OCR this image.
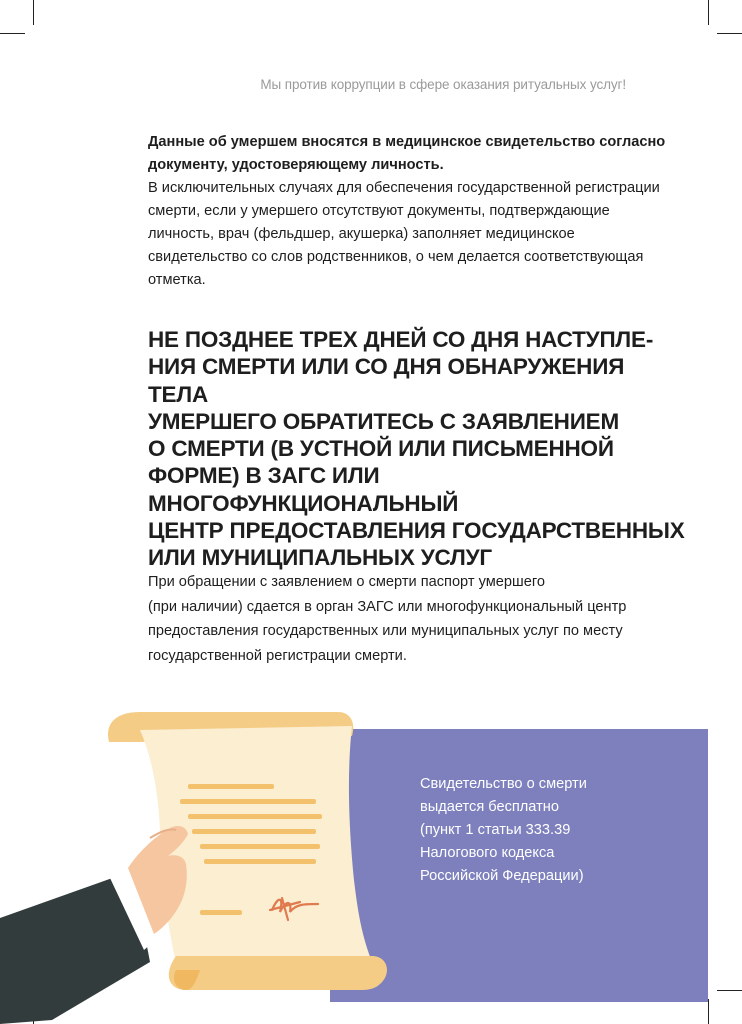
Мы против коррупции в сфере оказания ритуальных услуг!
Данные об умершем вносятся в медицинское свидетельство согласно документу, удостоверяющему личность.
В исключительных случаях для обеспечения государственной регистрации смерти, если у умершего отсутствуют документы, подтверждающие личность, врач (фельдшер, акушерка) заполняет медицинское свидетельство со слов родственников, о чем делается соответствующая отметка.
НЕ ПОЗДНЕЕ ТРЕХ ДНЕЙ СО ДНЯ НАСТУПЛЕ-
НИЯ СМЕРТИ ИЛИ СО ДНЯ ОБНАРУЖЕНИЯ ТЕЛА
УМЕРШЕГО ОБРАТИТЕСЬ С ЗАЯВЛЕНИЕМ
О СМЕРТИ (В УСТНОЙ ИЛИ ПИСЬМЕННОЙ
ФОРМЕ) В ЗАГС ИЛИ МНОГОФУНКЦИОНАЛЬНЫЙ
ЦЕНТР ПРЕДОСТАВЛЕНИЯ ГОСУДАРСТВЕННЫХ
ИЛИ МУНИЦИПАЛЬНЫХ УСЛУГ
При обращении с заявлением о смерти паспорт умершего
(при наличии) сдается в орган ЗАГС или многофункциональный центр
предоставления государственных или муниципальных услуг по месту
государственной регистрации смерти.
Свидетельство о смерти
выдается бесплатно
(пункт 1 статьи 333.39
Налогового кодекса
Российской Федерации)
